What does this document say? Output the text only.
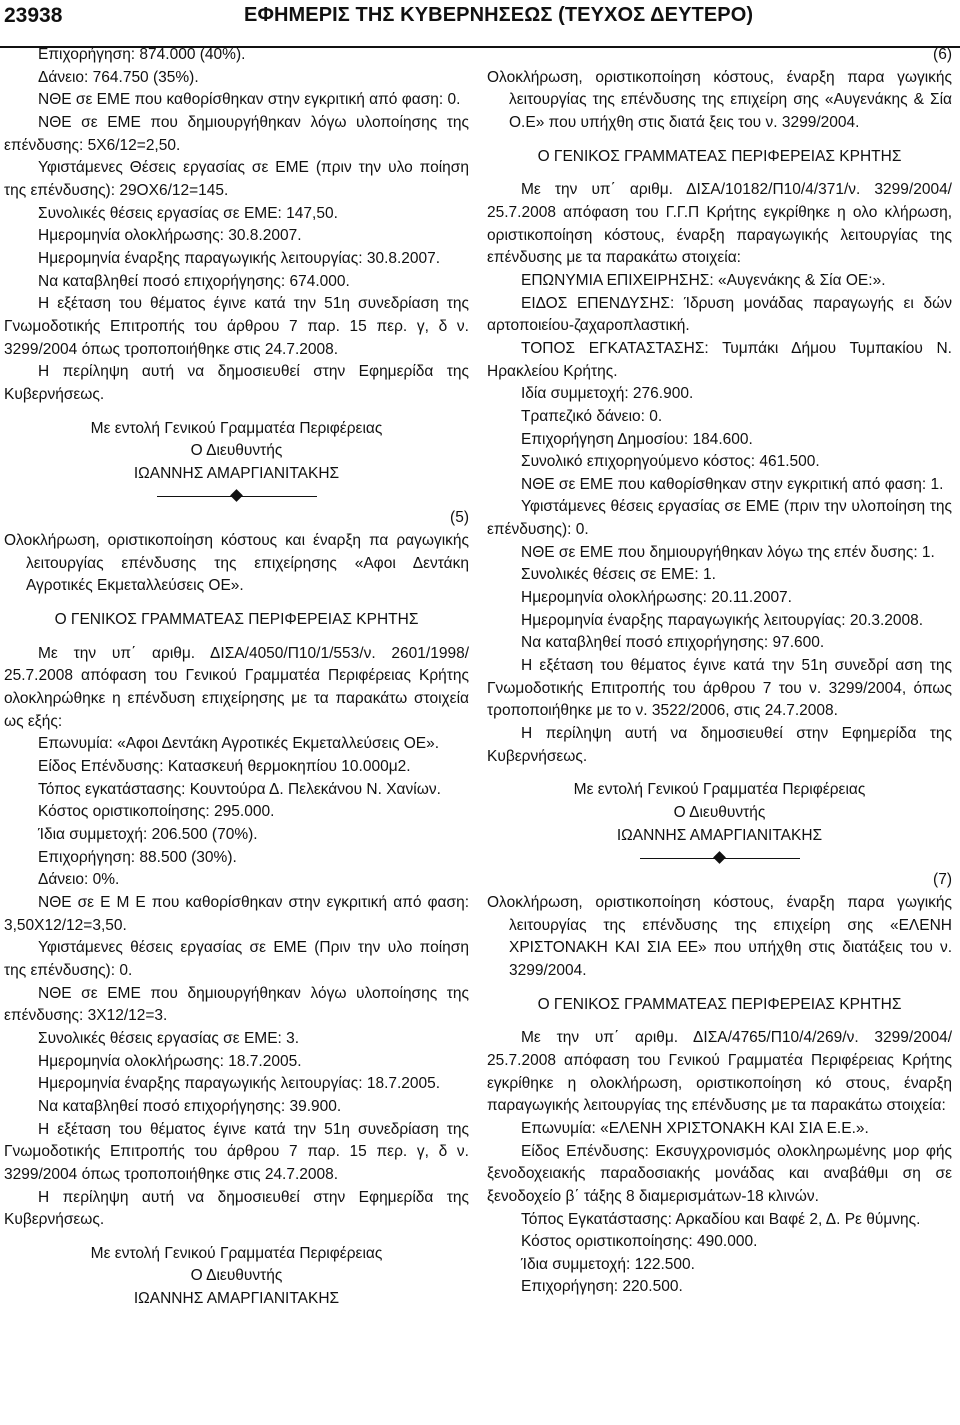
23938	ΕΦΗΜΕΡΙΣ ΤΗΣ ΚΥΒΕΡΝΗΣΕΩΣ (ΤΕΥΧΟΣ ΔΕΥΤΕΡΟ)

Επιχορήγηση: 874.000 (40%).

Δάνειο: 764.750 (35%).

ΝΘΕ σε ΕΜΕ που καθορίσθηκαν στην εγκριτική από φαση: 0.

ΝΘΕ σε ΕΜΕ που δημιουργήθηκαν λόγω υλοποίησης της επένδυσης: 5Χ6/12=2,50.

Υφιστάμενες Θέσεις εργασίας σε ΕΜΕ (πριν την υλο ποίηση της επένδυσης): 29ΟΧ6/12=145.

Συνολικές θέσεις εργασίας σε ΕΜΕ: 147,50.

Ημερομηνία ολοκλήρωσης: 30.8.2007.

Ημερομηνία έναρξης παραγωγικής λειτουργίας: 30.8.2007.

Να καταβληθεί ποσό επιχορήγησης: 674.000.

Η εξέταση του θέματος έγινε κατά την 51η συνεδρίαση της Γνωμοδοτικής Επιτροπής του άρθρου 7 παρ. 15 περ. γ, δ ν. 3299/2004 όπως τροποποιήθηκε στις 24.7.2008.

Η περίληψη αυτή να δημοσιευθεί στην Εφημερίδα της Κυβερνήσεως.

Με εντολή Γενικού Γραμματέα Περιφέρειας

Ο Διευθυντής

ΙΩΑΝΝΗΣ ΑΜΑΡΓΙΑΝΙΤΑΚΗΣ

(5)

Ολοκλήρωση, οριστικοποίηση κόστους και έναρξη πα ραγωγικής λειτουργίας επένδυσης της επιχείρησης «Αφοι Δεντάκη Αγροτικές Εκμεταλλεύσεις ΟΕ».

Ο ΓΕΝΙΚΟΣ ΓΡΑΜΜΑΤΕΑΣ ΠΕΡΙΦΕΡΕΙΑΣ ΚΡΗΤΗΣ

Με την υπ΄ αριθμ. ΔΙΣΑ/4050/Π10/1/553/ν. 2601/1998/ 25.7.2008 απόφαση του Γενικού Γραμματέα Περιφέρειας Κρήτης ολοκληρώθηκε η επένδυση επιχείρησης με τα παρακάτω στοιχεία ως εξής:

Επωνυμία: «Αφοι Δεντάκη Αγροτικές Εκμεταλλεύσεις ΟΕ».

Είδος Επένδυσης: Κατασκευή θερμοκηπίου 10.000μ2.

Τόπος εγκατάστασης: Κουντούρα Δ. Πελεκάνου Ν. Χανίων.

Κόστος οριστικοποίησης: 295.000.

Ίδια συμμετοχή: 206.500 (70%).

Επιχορήγηση: 88.500 (30%).

Δάνειο: 0%.

ΝΘΕ σε Ε Μ Ε που καθορίσθηκαν στην εγκριτική από φαση: 3,50Χ12/12=3,50.

Υφιστάμενες θέσεις εργασίας σε ΕΜΕ (Πριν την υλο ποίηση της επένδυσης): 0.

ΝΘΕ σε ΕΜΕ που δημιουργήθηκαν λόγω υλοποίησης της επένδυσης: 3Χ12/12=3.

Συνολικές θέσεις εργασίας σε ΕΜΕ: 3.

Ημερομηνία ολοκλήρωσης: 18.7.2005.

Ημερομηνία έναρξης παραγωγικής λειτουργίας: 18.7.2005.

Να καταβληθεί ποσό επιχορήγησης: 39.900.

Η εξέταση του θέματος έγινε κατά την 51η συνεδρίαση της Γνωμοδοτικής Επιτροπής του άρθρου 7 παρ. 15 περ. γ, δ ν. 3299/2004 όπως τροποποιήθηκε στις 24.7.2008.

Η περίληψη αυτή να δημοσιευθεί στην Εφημερίδα της Κυβερνήσεως.

Με εντολή Γενικού Γραμματέα Περιφέρειας

Ο Διευθυντής

ΙΩΑΝΝΗΣ ΑΜΑΡΓΙΑΝΙΤΑΚΗΣ

(6)

Ολοκλήρωση, οριστικοποίηση κόστους, έναρξη παρα γωγικής λειτουργίας της επένδυσης της επιχείρη σης «Αυγενάκης & Σία Ο.Ε» που υπήχθη στις διατά ξεις του ν. 3299/2004.

Ο ΓΕΝΙΚΟΣ ΓΡΑΜΜΑΤΕΑΣ ΠΕΡΙΦΕΡΕΙΑΣ ΚΡΗΤΗΣ

Με την υπ΄ αριθμ. ΔΙΣΑ/10182/Π10/4/371/ν. 3299/2004/ 25.7.2008 απόφαση του Γ.Γ.Π Κρήτης εγκρίθηκε η ολο κλήρωση, οριστικοποίηση κόστους, έναρξη παραγωγικής λειτουργίας της επένδυσης με τα παρακάτω στοιχεία:

ΕΠΩΝΥΜΙΑ ΕΠΙΧΕΙΡΗΣΗΣ: «Αυγενάκης & Σία ΟΕ:».

ΕΙΔΟΣ ΕΠΕΝΔΥΣΗΣ: Ίδρυση μονάδας παραγωγής ει δών αρτοποιείου-ζαχαροπλαστική.

ΤΟΠΟΣ ΕΓΚΑΤΑΣΤΑΣΗΣ: Τυμπάκι Δήμου Τυμπακίου Ν. Ηρακλείου Κρήτης.

Ιδία συμμετοχή: 276.900.

Τραπεζικό δάνειο: 0.

Επιχορήγηση Δημοσίου: 184.600.

Συνολικό επιχορηγούμενο κόστος: 461.500.

ΝΘΕ σε ΕΜΕ που καθορίσθηκαν στην εγκριτική από φαση: 1.

Υφιστάμενες θέσεις εργασίας σε ΕΜΕ (πριν την υλοποίηση της επένδυσης): 0.

ΝΘΕ σε ΕΜΕ που δημιουργήθηκαν λόγω της επέν δυσης: 1.

Συνολικές θέσεις σε ΕΜΕ: 1.

Ημερομηνία ολοκλήρωσης: 20.11.2007.

Ημερομηνία έναρξης παραγωγικής λειτουργίας: 20.3.2008.

Να καταβληθεί ποσό επιχορήγησης: 97.600.

Η εξέταση του θέματος έγινε κατά την 51η συνεδρί αση της Γνωμοδοτικής Επιτροπής του άρθρου 7 του ν. 3299/2004, όπως τροποποιήθηκε με το ν. 3522/2006, στις 24.7.2008.

Η περίληψη αυτή να δημοσιευθεί στην Εφημερίδα της Κυβερνήσεως.

Με εντολή Γενικού Γραμματέα Περιφέρειας

Ο Διευθυντής

ΙΩΑΝΝΗΣ ΑΜΑΡΓΙΑΝΙΤΑΚΗΣ

(7)

Ολοκλήρωση, οριστικοποίηση κόστους, έναρξη παρα γωγικής λειτουργίας της επένδυσης της επιχείρη σης «ΕΛΕΝΗ ΧΡΙΣΤΟΝΑΚΗ ΚΑΙ ΣΙΑ ΕΕ» που υπήχθη στις διατάξεις του ν. 3299/2004.

Ο ΓΕΝΙΚΟΣ ΓΡΑΜΜΑΤΕΑΣ ΠΕΡΙΦΕΡΕΙΑΣ ΚΡΗΤΗΣ

Με την υπ΄ αριθμ. ΔΙΣΑ/4765/Π10/4/269/ν. 3299/2004/ 25.7.2008 απόφαση του Γενικού Γραμματέα Περιφέρειας Κρήτης εγκρίθηκε η ολοκλήρωση, οριστικοποίηση κό στους, έναρξη παραγωγικής λειτουργίας της επένδυσης με τα παρακάτω στοιχεία:

Επωνυμία: «ΕΛΕΝΗ ΧΡΙΣΤΟΝΑΚΗ ΚΑΙ ΣΙΑ Ε.Ε.».

Είδος Επένδυσης: Εκσυγχρονισμός ολοκληρωμένης μορ φής ξενοδοχειακής παραδοσιακής μονάδας και αναβάθμι ση σε ξενοδοχείο β΄ τάξης 8 διαμερισμάτων-18 κλινών.

Τόπος Εγκατάστασης: Αρκαδίου και Βαφέ 2, Δ. Ρε θύμνης.

Κόστος οριστικοποίησης: 490.000.

Ίδια συμμετοχή: 122.500.

Επιχορήγηση: 220.500.
